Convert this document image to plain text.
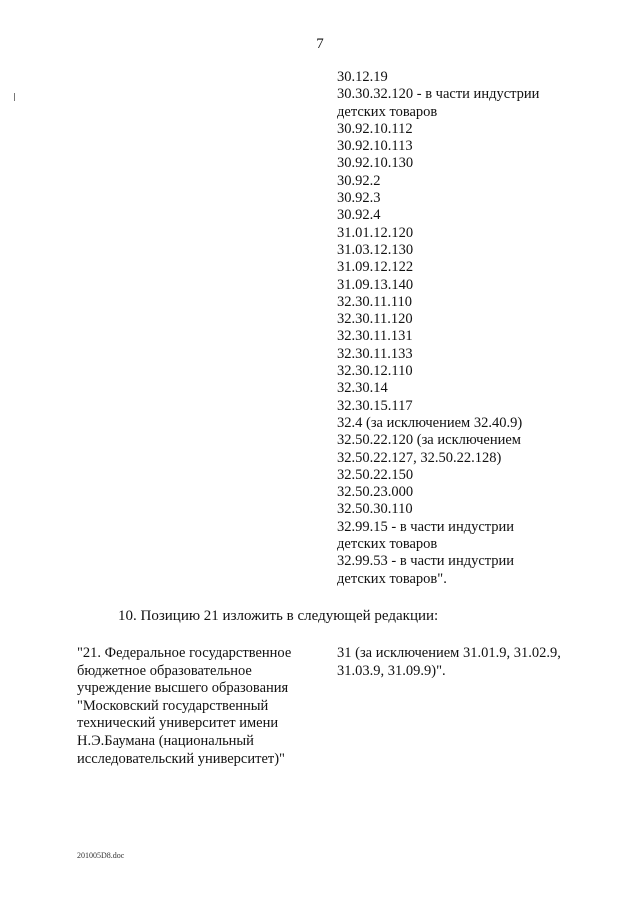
7
30.12.19
30.30.32.120 - в части индустрии
детских товаров
30.92.10.112
30.92.10.113
30.92.10.130
30.92.2
30.92.3
30.92.4
31.01.12.120
31.03.12.130
31.09.12.122
31.09.13.140
32.30.11.110
32.30.11.120
32.30.11.131
32.30.11.133
32.30.12.110
32.30.14
32.30.15.117
32.4 (за исключением 32.40.9)
32.50.22.120 (за исключением
32.50.22.127, 32.50.22.128)
32.50.22.150
32.50.23.000
32.50.30.110
32.99.15 - в части индустрии
детских товаров
32.99.53 - в части индустрии
детских товаров".
10. Позицию 21 изложить в следующей редакции:
"21. Федеральное государственное
бюджетное образовательное
учреждение высшего образования
"Московский государственный
технический университет имени
Н.Э.Баумана (национальный
исследовательский университет)"
31 (за исключением 31.01.9, 31.02.9,
31.03.9, 31.09.9)".
201005D8.doc
